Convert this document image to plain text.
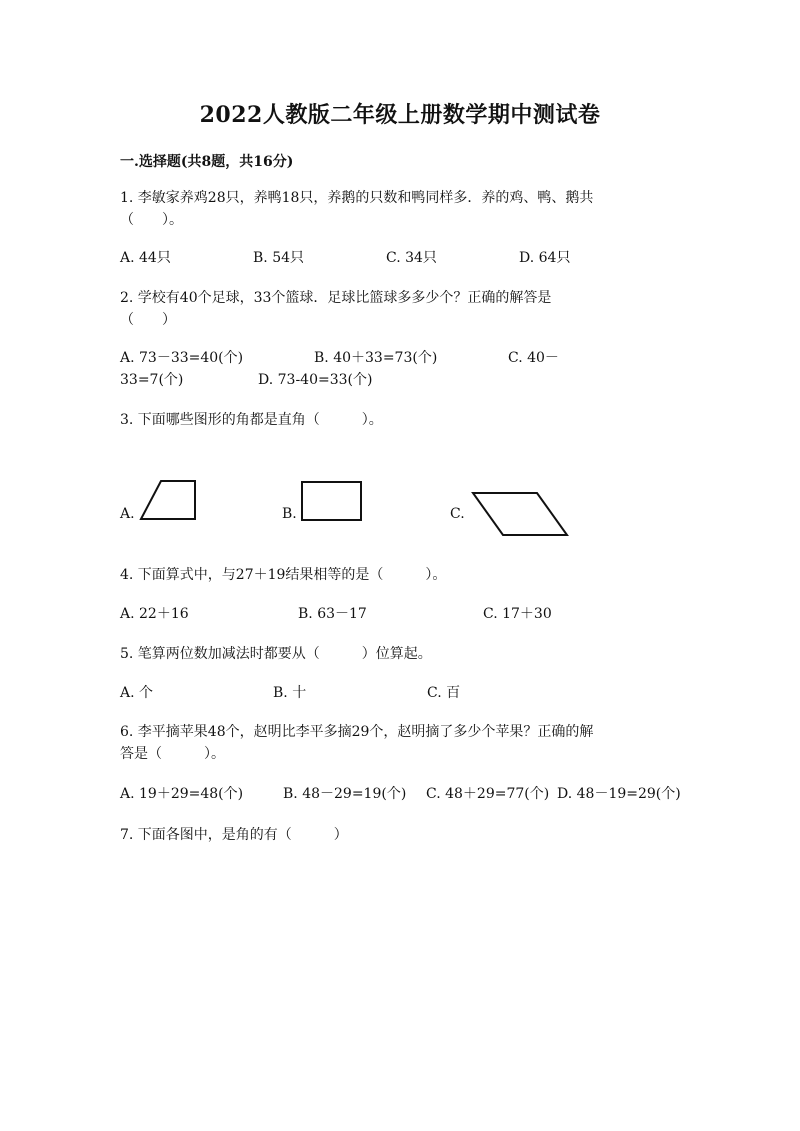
2022人教版二年级上册数学期中测试卷
一.选择题(共8题，共16分)
1. 李敏家养鸡28只，养鸭18只，养鹅的只数和鸭同样多．养的鸡、鸭、鹅共
（　　）。
A. 44只	B. 54只	C. 34只	D. 64只
2. 学校有40个足球，33个篮球．足球比篮球多多少个？正确的解答是
（　　）
A. 73－33=40(个)	B. 40＋33=73(个)	C. 40－
33=7(个)	D. 73-40=33(个)
3. 下面哪些图形的角都是直角（　　　）。
A.	B.	C.
4. 下面算式中，与27＋19结果相等的是（　　　）。
A. 22＋16	B. 63－17	C. 17＋30
5. 笔算两位数加减法时都要从（　　　）位算起。
A. 个	B. 十	C. 百
6. 李平摘苹果48个，赵明比李平多摘29个，赵明摘了多少个苹果？正确的解
答是（　　　）。
A. 19＋29=48(个)	B. 48－29=19(个) C. 48＋29=77(个) D. 48－19=29(个)
7. 下面各图中，是角的有（　　　）
